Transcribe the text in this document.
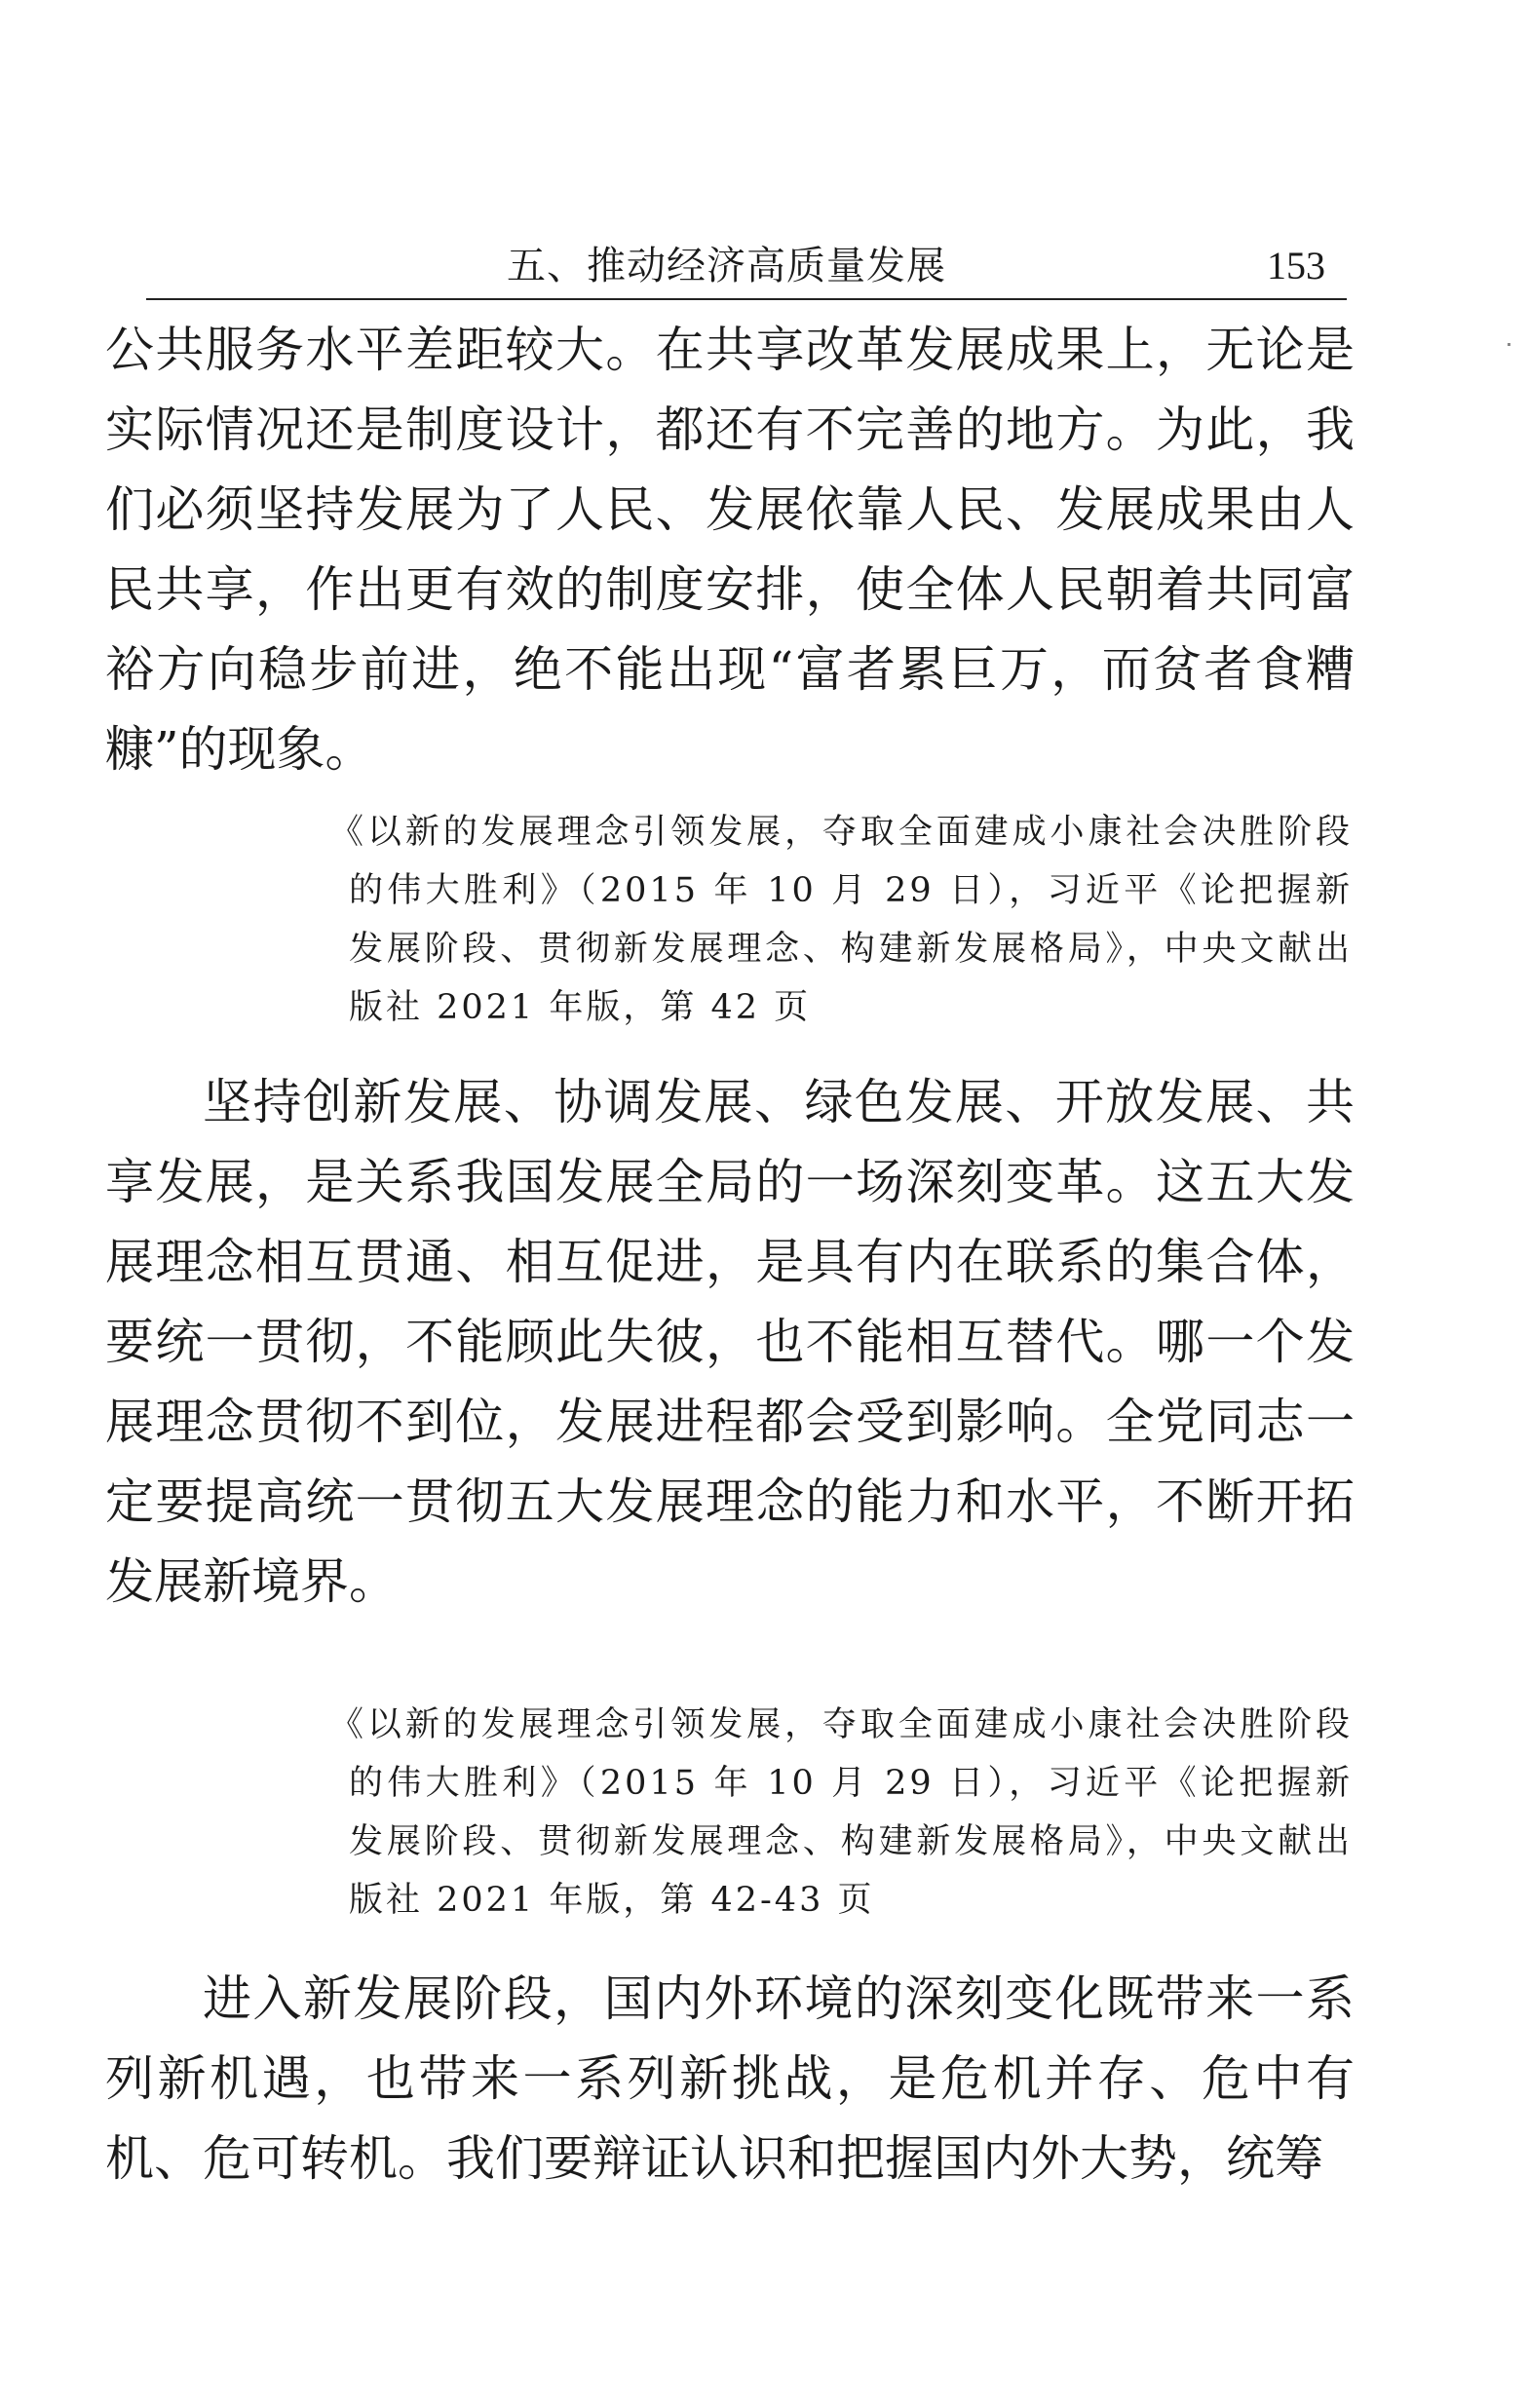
五、推动经济高质量发展	153

公共服务水平差距较大。在共享改革发展成果上，无论是实际情况还是制度设计，都还有不完善的地方。为此，我们必须坚持发展为了人民、发展依靠人民、发展成果由人民共享，作出更有效的制度安排，使全体人民朝着共同富裕方向稳步前进，绝不能出现“富者累巨万，而贫者食糟糠”的现象。

《以新的发展理念引领发展，夺取全面建成小康社会决胜阶段的伟大胜利》（2015 年 10 月 29 日），习近平《论把握新发展阶段、贯彻新发展理念、构建新发展格局》，中央文献出版社 2021 年版，第 42 页

坚持创新发展、协调发展、绿色发展、开放发展、共享发展，是关系我国发展全局的一场深刻变革。这五大发展理念相互贯通、相互促进，是具有内在联系的集合体，要统一贯彻，不能顾此失彼，也不能相互替代。哪一个发展理念贯彻不到位，发展进程都会受到影响。全党同志一定要提高统一贯彻五大发展理念的能力和水平，不断开拓发展新境界。

《以新的发展理念引领发展，夺取全面建成小康社会决胜阶段的伟大胜利》（2015 年 10 月 29 日），习近平《论把握新发展阶段、贯彻新发展理念、构建新发展格局》，中央文献出版社 2021 年版，第 42-43 页

进入新发展阶段，国内外环境的深刻变化既带来一系列新机遇，也带来一系列新挑战，是危机并存、危中有机、危可转机。我们要辩证认识和把握国内外大势，统筹
